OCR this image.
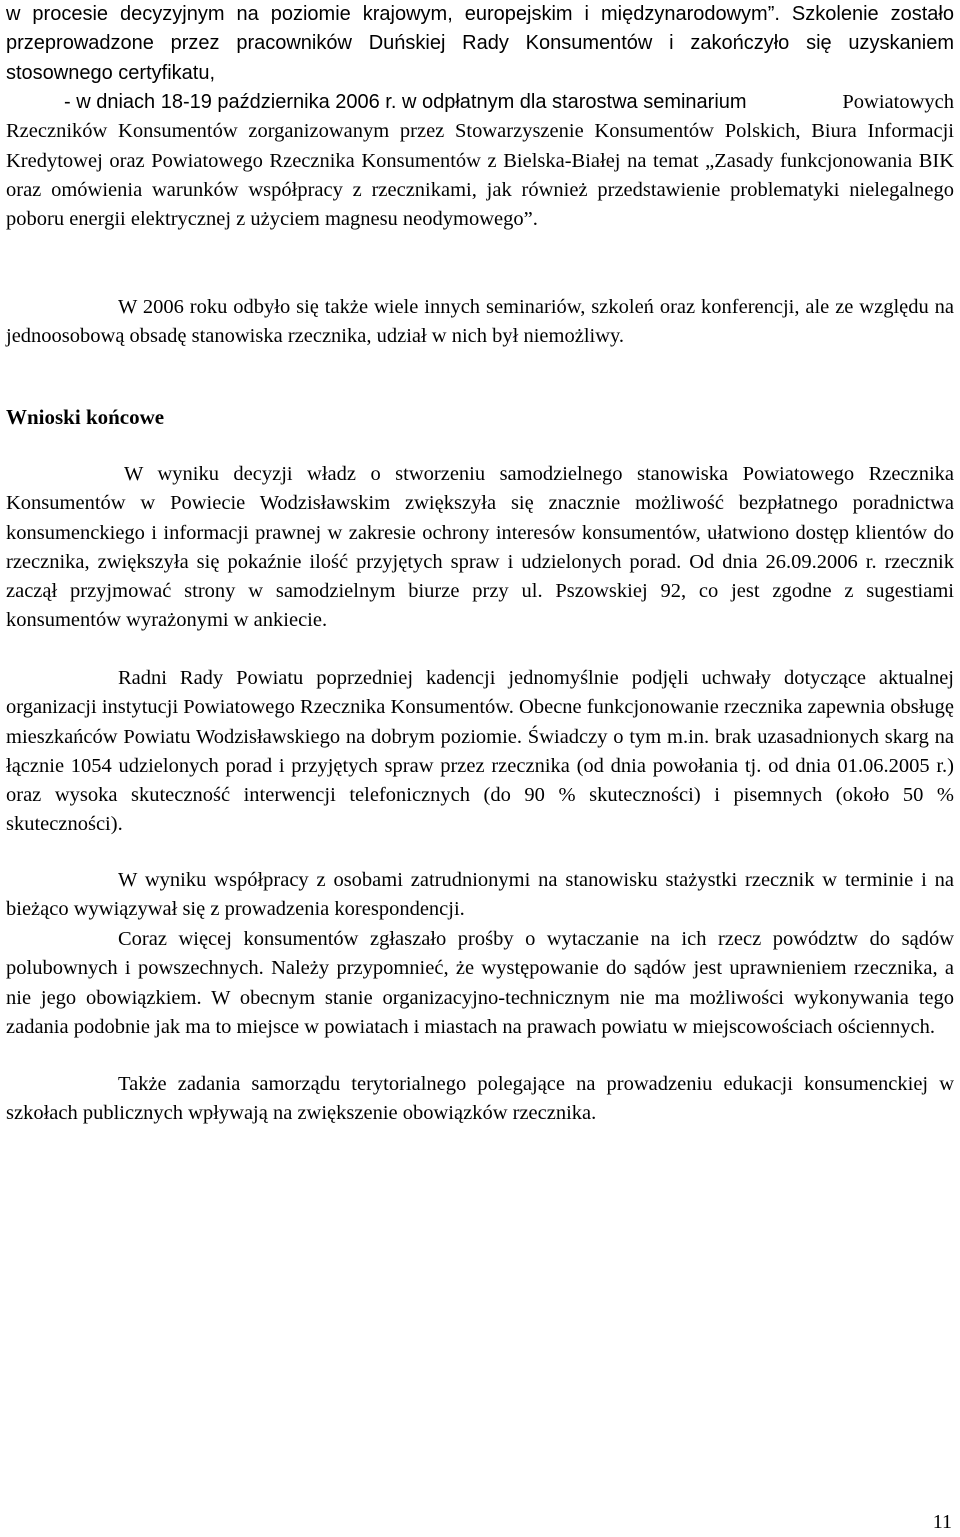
w procesie decyzyjnym na poziomie krajowym, europejskim i międzynarodowym”. Szkolenie zostało przeprowadzone przez pracowników Duńskiej Rady Konsumentów i zakończyło się uzyskaniem stosownego certyfikatu,

- w dniach 18-19 października 2006 r. w odpłatnym dla starostwa seminarium	Powiatowych Rzeczników Konsumentów zorganizowanym przez Stowarzyszenie Konsumentów Polskich, Biura Informacji Kredytowej oraz Powiatowego Rzecznika Konsumentów z Bielska-Białej na temat „Zasady funkcjonowania BIK oraz omówienia warunków współpracy z rzecznikami, jak również przedstawienie problematyki nielegalnego poboru energii elektrycznej z użyciem magnesu neodymowego”.

W 2006 roku odbyło się także wiele innych seminariów, szkoleń oraz konferencji, ale ze względu na jednoosobową obsadę stanowiska rzecznika, udział w nich był niemożliwy.

Wnioski końcowe

W wyniku decyzji władz o stworzeniu samodzielnego stanowiska Powiatowego Rzecznika Konsumentów w Powiecie Wodzisławskim zwiększyła się znacznie możliwość bezpłatnego poradnictwa konsumenckiego i informacji prawnej w zakresie ochrony interesów konsumentów, ułatwiono dostęp klientów do rzecznika, zwiększyła się pokaźnie ilość przyjętych spraw i udzielonych porad. Od dnia 26.09.2006 r. rzecznik zaczął przyjmować strony w samodzielnym biurze przy ul. Pszowskiej 92, co jest zgodne z sugestiami konsumentów wyrażonymi w ankiecie.

Radni Rady Powiatu poprzedniej kadencji jednomyślnie podjęli uchwały dotyczące aktualnej organizacji instytucji Powiatowego Rzecznika Konsumentów. Obecne funkcjonowanie rzecznika zapewnia obsługę mieszkańców Powiatu Wodzisławskiego na dobrym poziomie. Świadczy o tym m.in. brak uzasadnionych skarg na łącznie 1054 udzielonych porad i przyjętych spraw przez rzecznika (od dnia powołania tj. od dnia 01.06.2005 r.) oraz wysoka skuteczność interwencji telefonicznych (do 90 % skuteczności) i pisemnych (około 50 % skuteczności).

W wyniku współpracy z osobami zatrudnionymi na stanowisku stażystki rzecznik w terminie i na bieżąco wywiązywał się z prowadzenia korespondencji.

Coraz więcej konsumentów zgłaszało prośby o wytaczanie na ich rzecz powództw do sądów polubownych i powszechnych. Należy przypomnieć, że występowanie do sądów jest uprawnieniem rzecznika, a nie jego obowiązkiem. W obecnym stanie organizacyjno-technicznym nie ma możliwości wykonywania tego zadania podobnie jak ma to miejsce w powiatach i miastach na prawach powiatu w miejscowościach ościennych.

Także zadania samorządu terytorialnego polegające na prowadzeniu edukacji konsumenckiej w szkołach publicznych wpływają na zwiększenie obowiązków rzecznika.

11
